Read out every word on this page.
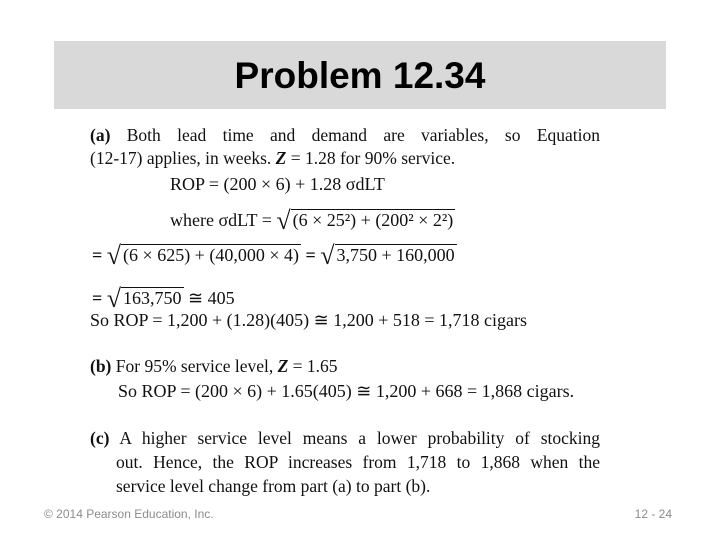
Problem 12.34
(a) Both lead time and demand are variables, so Equation
(12-17) applies, in weeks. Z = 1.28 for 90% service.
ROP = (200 × 6) + 1.28 σdLT
where σdLT = √ (6 × 25²) + (200² × 2²)
= √ (6 × 625) + (40,000 × 4) = √ 3,750 + 160,000
= √ 163,750 ≅ 405
So ROP = 1,200 + (1.28)(405) ≅ 1,200 + 518 = 1,718 cigars
(b) For 95% service level, Z = 1.65
So ROP = (200 × 6) + 1.65(405) ≅ 1,200 + 668 = 1,868 cigars.
(c) A higher service level means a lower probability of stocking
out. Hence, the ROP increases from 1,718 to 1,868 when the
service level change from part (a) to part (b).
© 2014 Pearson Education, Inc.	12 - 24
